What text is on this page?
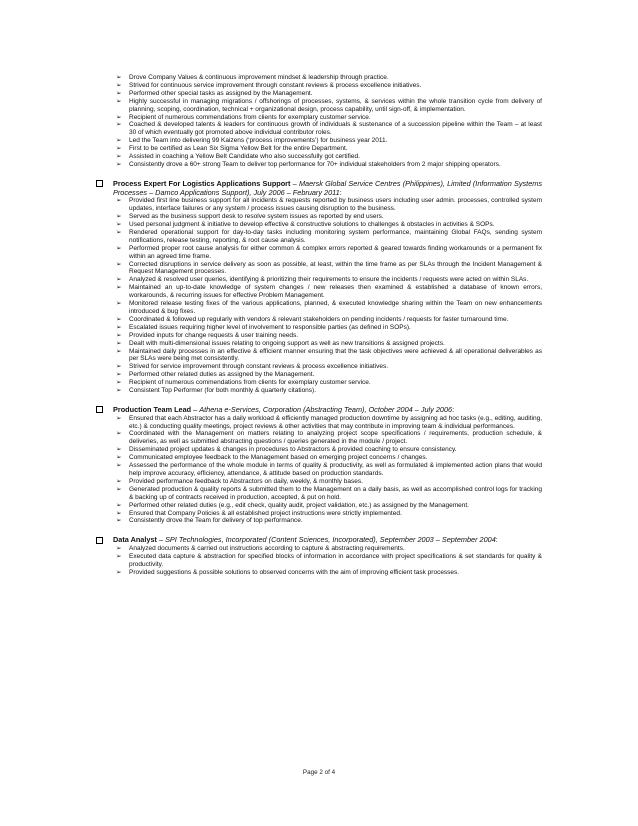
➢ Drove Company Values & continuous improvement mindset & leadership through practice.
➢ Strived for continuous service improvement through constant reviews & process excellence initiatives.
➢ Performed other special tasks as assigned by the Management.
➢ Highly successful in managing migrations / offshorings of processes, systems, & services within the whole transition cycle from delivery of planning, scoping, coordination, technical + organizational design, process capability, until sign-off, & implementation.
➢ Recipient of numerous commendations from clients for exemplary customer service.
➢ Coached & developed talents & leaders for continuous growth of individuals & sustenance of a succession pipeline within the Team – at least 30 of which eventually got promoted above individual contributor roles.
➢ Led the Team into delivering 99 Kaizens (‘process improvements’) for business year 2011.
➢ First to be certified as Lean Six Sigma Yellow Belt for the entire Department.
➢ Assisted in coaching a Yellow Belt Candidate who also successfully got certified.
➢ Consistently drove a 60+ strong Team to deliver top performance for 70+ individual stakeholders from 2 major shipping operators.
Process Expert For Logistics Applications Support – Maersk Global Service Centres (Philippines), Limited (Information Systems Processes – Damco Applications Support), July 2006 – February 2011:
➢ Provided first line business support for all incidents & requests reported by business users including user admin. processes, controlled system updates, interface failures or any system / process issues causing disruption to the business.
➢ Served as the business support desk to resolve system issues as reported by end users.
➢ Used personal judgment & initiative to develop effective & constructive solutions to challenges & obstacles in activities & SOPs.
➢ Rendered operational support for day-to-day tasks including monitoring system performance, maintaining Global FAQs, sending system notifications, release testing, reporting, & root cause analysis.
➢ Performed proper root cause analysis for either common & complex errors reported & geared towards finding workarounds or a permanent fix within an agreed time frame.
➢ Corrected disruptions in service delivery as soon as possible, at least, within the time frame as per SLAs through the Incident Management & Request Management processes.
➢ Analyzed & resolved user queries, identifying & prioritizing their requirements to ensure the incidents / requests were acted on within SLAs.
➢ Maintained an up-to-date knowledge of system changes / new releases then examined & established a database of known errors, workarounds, & recurring issues for effective Problem Management.
➢ Monitored release testing fixes of the various applications, planned, & executed knowledge sharing within the Team on new enhancements introduced & bug fixes.
➢ Coordinated & followed up regularly with vendors & relevant stakeholders on pending incidents / requests for faster turnaround time.
➢ Escalated issues requiring higher level of involvement to responsible parties (as defined in SOPs).
➢ Provided inputs for change requests & user training needs.
➢ Dealt with multi-dimensional issues relating to ongoing support as well as new transitions & assigned projects.
➢ Maintained daily processes in an effective & efficient manner ensuring that the task objectives were achieved & all operational deliverables as per SLAs were being met consistently.
➢ Strived for service improvement through constant reviews & process excellence initiatives.
➢ Performed other related duties as assigned by the Management.
➢ Recipient of numerous commendations from clients for exemplary customer service.
➢ Consistent Top Performer (for both monthly & quarterly citations).
Production Team Lead – Athena e-Services, Corporation (Abstracting Team), October 2004 – July 2006:
➢ Ensured that each Abstractor has a daily workload & efficiently managed production downtime by assigning ad hoc tasks (e.g., editing, auditing, etc.) & conducting quality meetings, project reviews & other activities that may contribute in improving team & individual performances.
➢ Coordinated with the Management on matters relating to analyzing project scope specifications / requirements, production schedule, & deliveries, as well as submitted abstracting questions / queries generated in the module / project.
➢ Disseminated project updates & changes in procedures to Abstractors & provided coaching to ensure consistency.
➢ Communicated employee feedback to the Management based on emerging project concerns / changes.
➢ Assessed the performance of the whole module in terms of quality & productivity, as well as formulated & implemented action plans that would help improve accuracy, efficiency, attendance, & attitude based on production standards.
➢ Provided performance feedback to Abstractors on daily, weekly, & monthly bases.
➢ Generated production & quality reports & submitted them to the Management on a daily basis, as well as accomplished control logs for tracking & backing up of contracts received in production, accepted, & put on hold.
➢ Performed other related duties (e.g., edit check, quality audit, project validation, etc.) as assigned by the Management.
➢ Ensured that Company Policies & all established project instructions were strictly implemented.
➢ Consistently drove the Team for delivery of top performance.
Data Analyst – SPI Technologies, Incorporated (Content Sciences, Incorporated), September 2003 – September 2004:
➢ Analyzed documents & carried out instructions according to capture & abstracting requirements.
➢ Executed data capture & abstraction for specified blocks of information in accordance with project specifications & set standards for quality & productivity.
➢ Provided suggestions & possible solutions to observed concerns with the aim of improving efficient task processes.
Page 2 of 4
